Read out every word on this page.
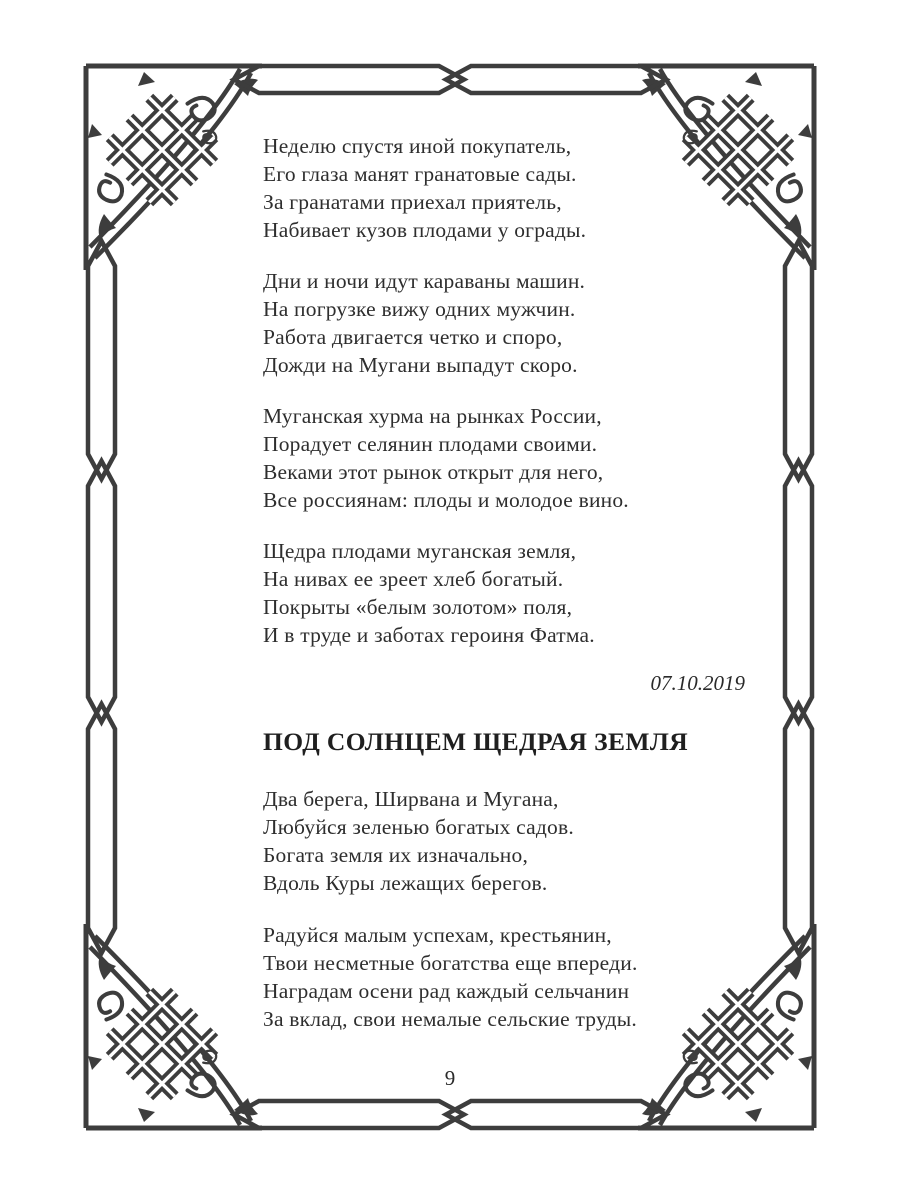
Неделю спустя иной покупатель,
Его глаза манят гранатовые сады.
За гранатами приехал приятель,
Набивает кузов плодами у ограды.
Дни и ночи идут караваны машин.
На погрузке вижу одних мужчин.
Работа двигается четко и споро,
Дожди на Мугани выпадут скоро.
Муганская хурма на рынках России,
Порадует селянин плодами своими.
Веками этот рынок открыт для него,
Все россиянам: плоды и молодое вино.
Щедра плодами муганская земля,
На нивах ее зреет хлеб богатый.
Покрыты «белым золотом» поля,
И в труде и заботах героиня Фатма.
07.10.2019
ПОД СОЛНЦЕМ ЩЕДРАЯ ЗЕМЛЯ
Два берега, Ширвана и Мугана,
Любуйся зеленью богатых садов.
Богата земля их изначально,
Вдоль Куры лежащих берегов.
Радуйся малым успехам, крестьянин,
Твои несметные богатства еще впереди.
Наградам осени рад каждый сельчанин
За вклад, свои немалые сельские труды.
9
